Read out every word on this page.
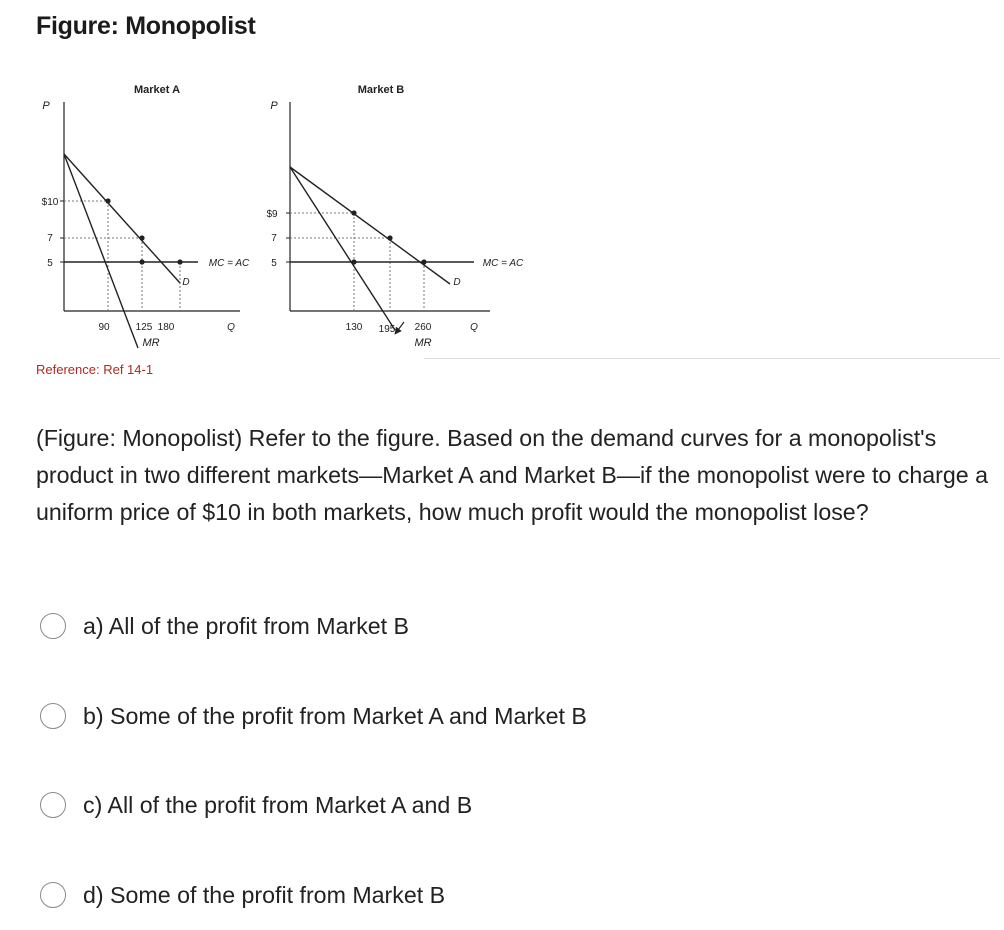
Figure: Monopolist
Market A
P
$10
7
5
90	125 180	Q
MR
D
MC = AC
Market B
P
$9
7
5
130 195 260	Q
MR
D
MC = AC
Reference: Ref 14-1
(Figure: Monopolist) Refer to the figure. Based on the demand curves for a monopolist's product in two different markets—Market A and Market B—if the monopolist were to charge a uniform price of $10 in both markets, how much profit would the monopolist lose?
a) All of the profit from Market B
b) Some of the profit from Market A and Market B
c) All of the profit from Market A and B
d) Some of the profit from Market B
